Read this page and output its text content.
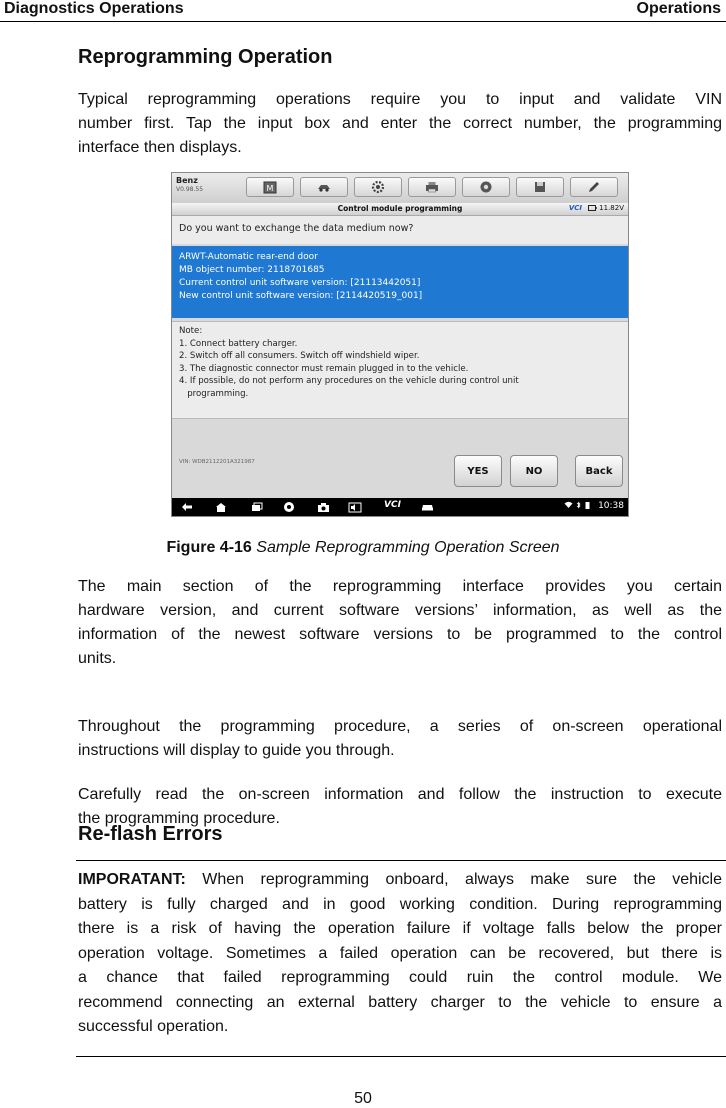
Diagnostics Operations	Operations
Reprogramming Operation
Typical reprogramming operations require you to input and validate VIN
number first. Tap the input box and enter the correct number, the programming
interface then displays.
Benz
V0.98.55	M
Control module programming	VCI	11.82V
Do you want to exchange the data medium now?
ARWT-Automatic rear-end door
MB object number: 2118701685
Current control unit software version: [21113442051]
New control unit software version: [2114420519_001]
Note:
1. Connect battery charger.
2. Switch off all consumers. Switch off windshield wiper.
3. The diagnostic connector must remain plugged in to the vehicle.
4. If possible, do not perform any procedures on the vehicle during control unit
programming.
VIN: WDB2112201A321987
YES	NO	Back
VCI
	10:38
Figure 4-16 Sample Reprogramming Operation Screen
The main section of the reprogramming interface provides you certain
hardware version, and current software versions’ information, as well as the
information of the newest software versions to be programmed to the control
units.
Throughout the programming procedure, a series of on-screen operational
instructions will display to guide you through.
Carefully read the on-screen information and follow the instruction to execute
the programming procedure.
Re-flash Errors
IMPORATANT: When reprogramming onboard, always make sure the vehicle
battery is fully charged and in good working condition. During reprogramming
there is a risk of having the operation failure if voltage falls below the proper
operation voltage. Sometimes a failed operation can be recovered, but there is
a chance that failed reprogramming could ruin the control module. We
recommend connecting an external battery charger to the vehicle to ensure a
successful operation.
50
